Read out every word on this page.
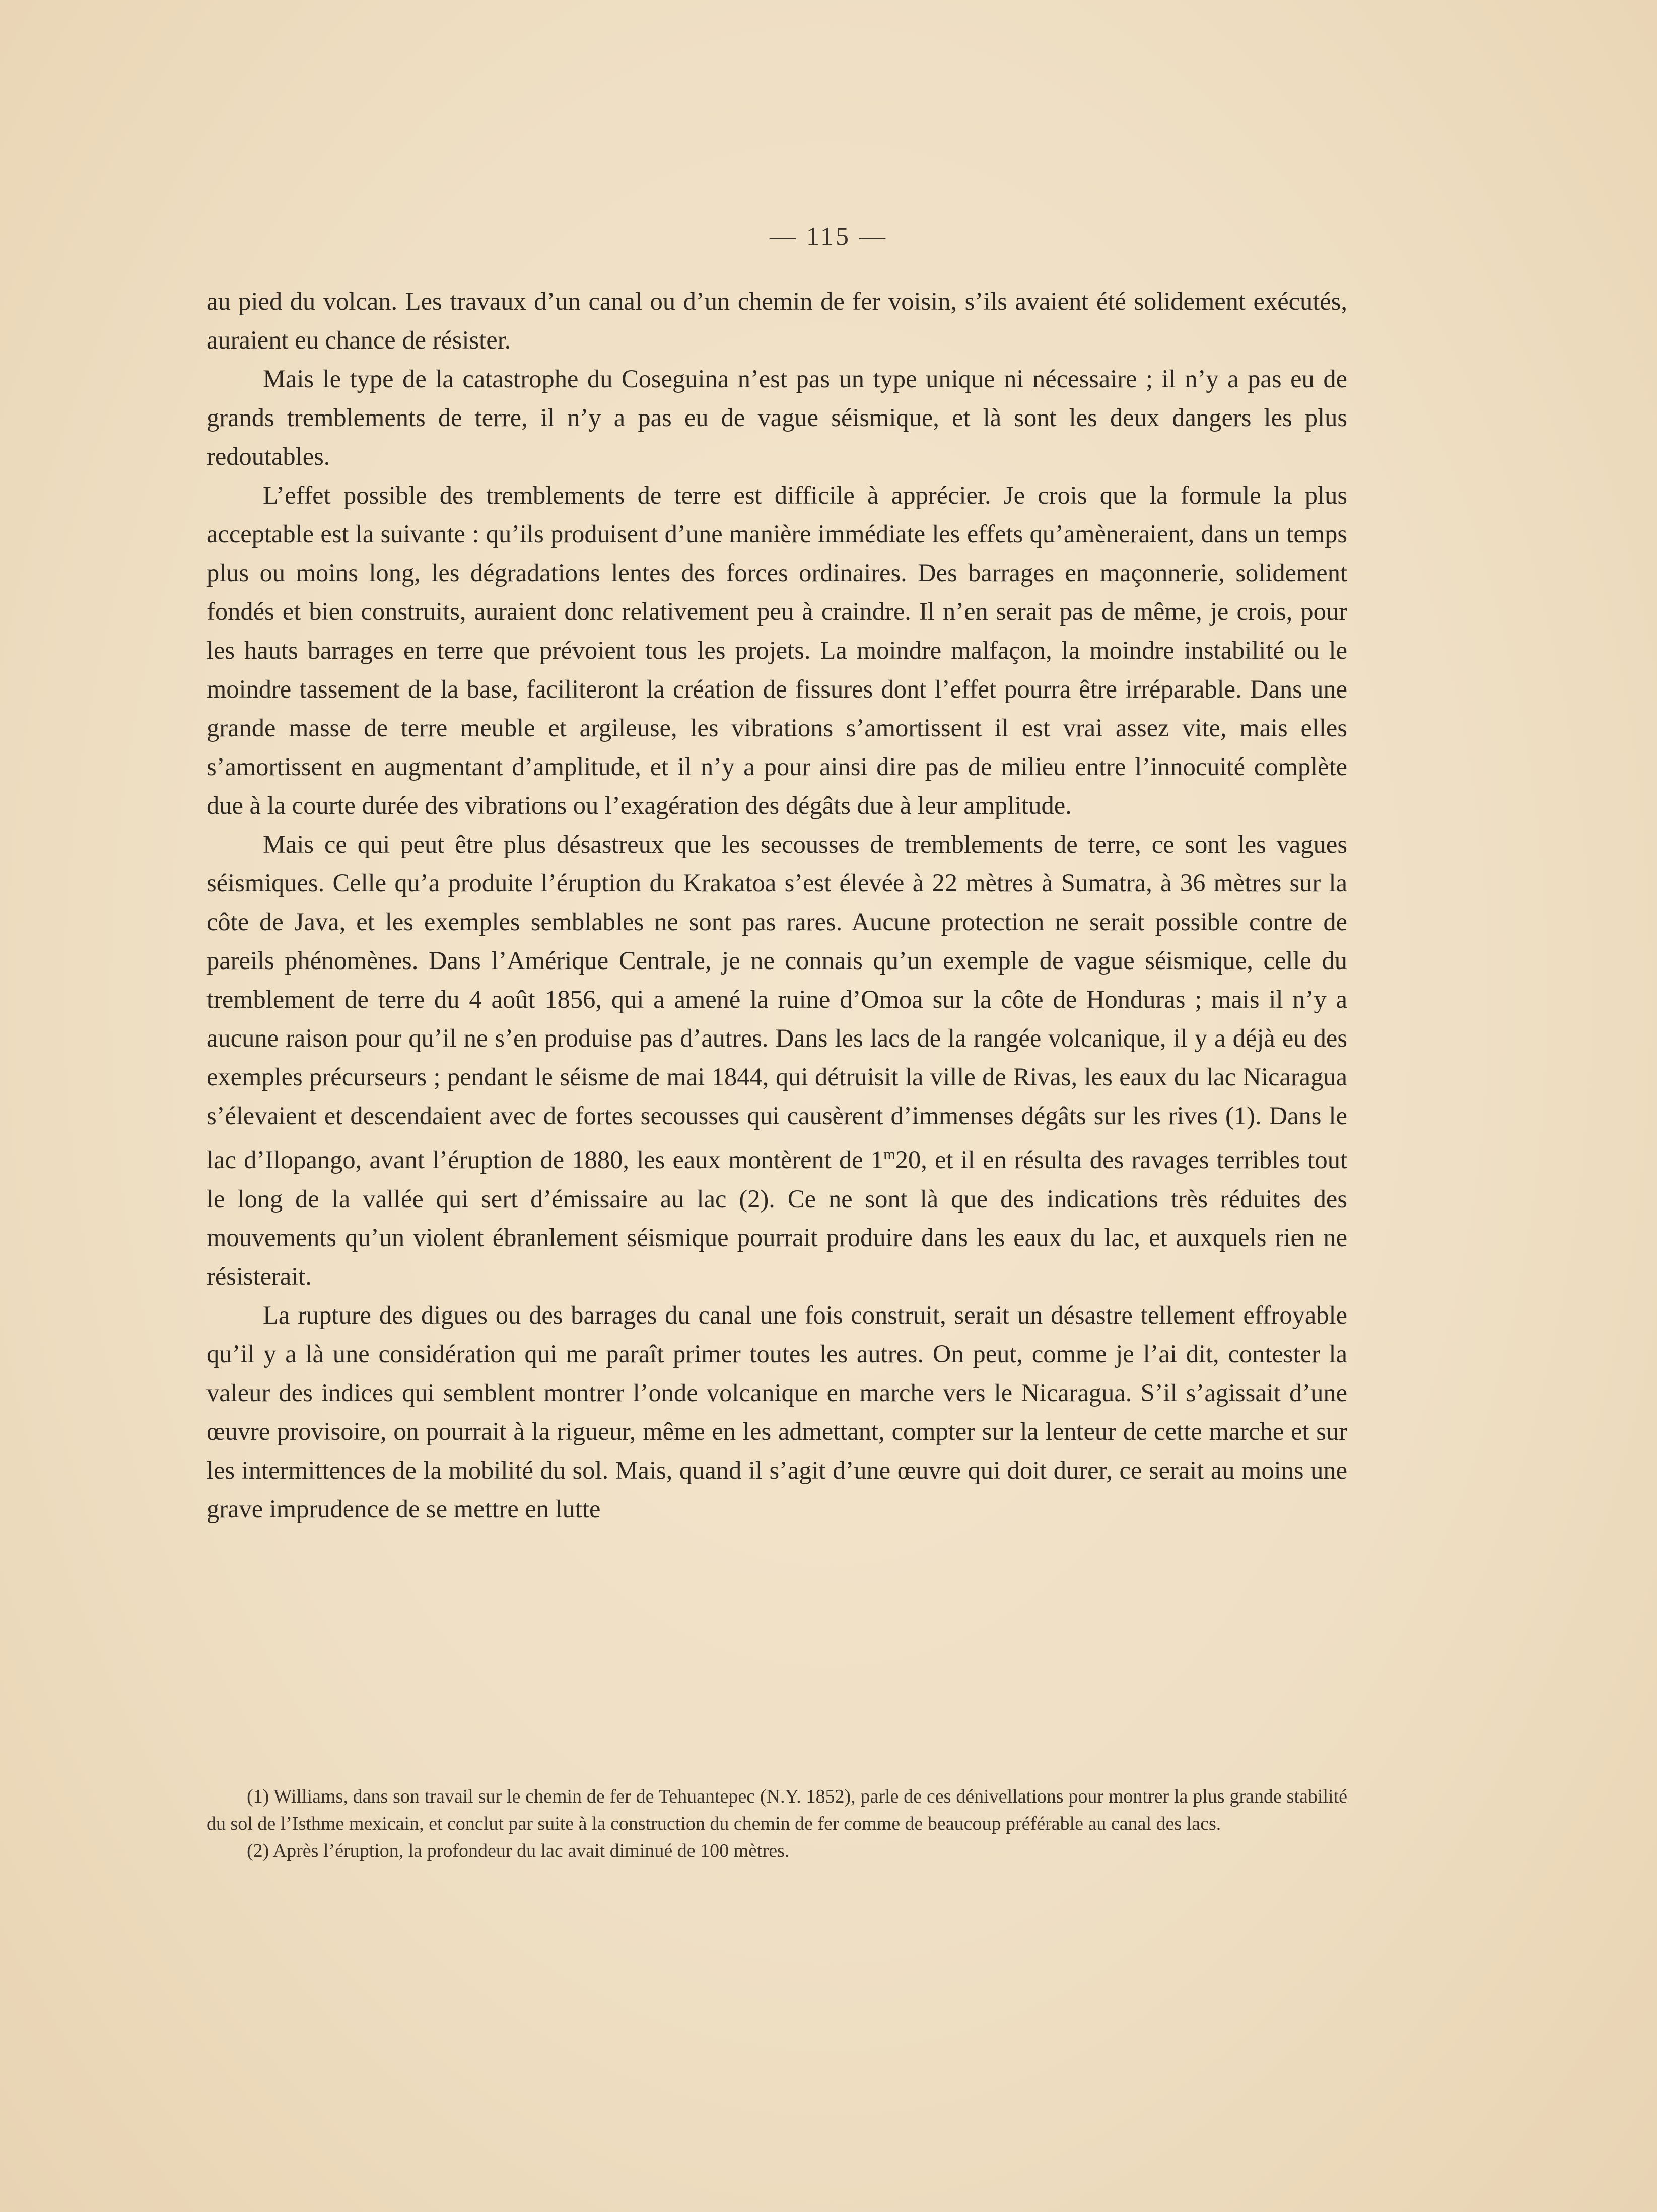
— 115 —

au pied du volcan. Les travaux d’un canal ou d’un chemin de fer voisin, s’ils avaient été solidement exécutés, auraient eu chance de résister.

Mais le type de la catastrophe du Coseguina n’est pas un type unique ni nécessaire ; il n’y a pas eu de grands tremblements de terre, il n’y a pas eu de vague séismique, et là sont les deux dangers les plus redoutables.

L’effet possible des tremblements de terre est difficile à apprécier. Je crois que la formule la plus acceptable est la suivante : qu’ils produisent d’une manière immédiate les effets qu’amèneraient, dans un temps plus ou moins long, les dégradations lentes des forces ordinaires. Des barrages en maçonnerie, solidement fondés et bien construits, auraient donc relativement peu à craindre. Il n’en serait pas de même, je crois, pour les hauts barrages en terre que prévoient tous les projets. La moindre malfaçon, la moindre instabilité ou le moindre tassement de la base, faciliteront la création de fissures dont l’effet pourra être irréparable. Dans une grande masse de terre meuble et argileuse, les vibrations s’amortissent il est vrai assez vite, mais elles s’amortissent en augmentant d’amplitude, et il n’y a pour ainsi dire pas de milieu entre l’innocuité complète due à la courte durée des vibrations ou l’exagération des dégâts due à leur amplitude.

Mais ce qui peut être plus désastreux que les secousses de tremblements de terre, ce sont les vagues séismiques. Celle qu’a produite l’éruption du Krakatoa s’est élevée à 22 mètres à Sumatra, à 36 mètres sur la côte de Java, et les exemples semblables ne sont pas rares. Aucune protection ne serait possible contre de pareils phénomènes. Dans l’Amérique Centrale, je ne connais qu’un exemple de vague séismique, celle du tremblement de terre du 4 août 1856, qui a amené la ruine d’Omoa sur la côte de Honduras ; mais il n’y a aucune raison pour qu’il ne s’en produise pas d’autres. Dans les lacs de la rangée volcanique, il y a déjà eu des exemples précurseurs ; pendant le séisme de mai 1844, qui détruisit la ville de Rivas, les eaux du lac Nicaragua s’élevaient et descendaient avec de fortes secousses qui causèrent d’immenses dégâts sur les rives (1). Dans le lac d’Ilopango, avant l’éruption de 1880, les eaux montèrent de 1$^m$20, et il en résulta des ravages terribles tout le long de la vallée qui sert d’émissaire au lac (2). Ce ne sont là que des indications très réduites des mouvements qu’un violent ébranlement séismique pourrait produire dans les eaux du lac, et auxquels rien ne résisterait.

La rupture des digues ou des barrages du canal une fois construit, serait un désastre tellement effroyable qu’il y a là une considération qui me paraît primer toutes les autres. On peut, comme je l’ai dit, contester la valeur des indices qui semblent montrer l’onde volcanique en marche vers le Nicaragua. S’il s’agissait d’une œuvre provisoire, on pourrait à la rigueur, même en les admettant, compter sur la lenteur de cette marche et sur les intermittences de la mobilité du sol. Mais, quand il s’agit d’une œuvre qui doit durer, ce serait au moins une grave imprudence de se mettre en lutte

(1) Williams, dans son travail sur le chemin de fer de Tehuantepec (N.Y. 1852), parle de ces dénivellations pour montrer la plus grande stabilité du sol de l’Isthme mexicain, et conclut par suite à la construction du chemin de fer comme de beaucoup préférable au canal des lacs.

(2) Après l’éruption, la profondeur du lac avait diminué de 100 mètres.
